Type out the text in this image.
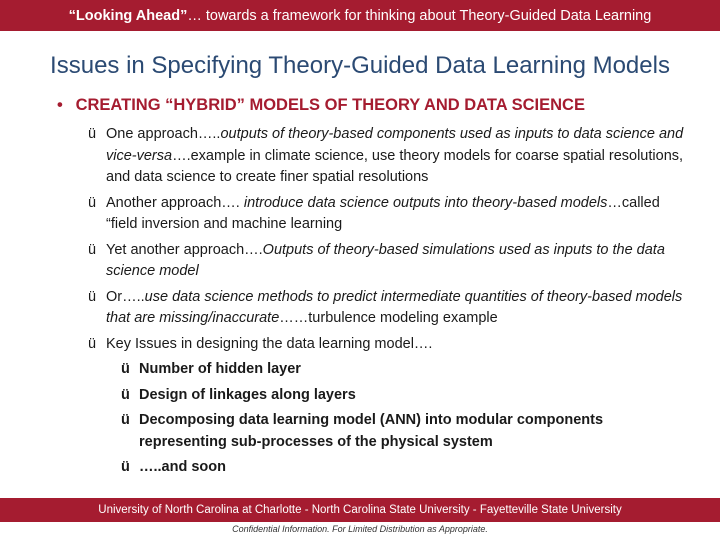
“Looking Ahead” … towards a framework for thinking about Theory-Guided Data Learning
Issues in Specifying Theory-Guided Data Learning Models
• CREATING “HYBRID” MODELS OF THEORY AND DATA SCIENCE
ü One approach…..outputs of theory-based components used as inputs to data science and vice-versa….example in climate science, use theory models for coarse spatial resolutions, and data science to create finer spatial resolutions
ü Another approach…. introduce data science outputs into theory-based models…called “field inversion and machine learning
ü Yet another approach….Outputs of theory-based simulations used as inputs to the data science model
ü Or…..use data science methods to predict intermediate quantities of theory-based models that are missing/inaccurate……turbulence modeling example
ü Key Issues in designing the data learning model….
ü Number of hidden layer
ü Design of linkages along layers
ü Decomposing data learning model (ANN) into modular components representing sub-processes of the physical system
ü …..and soon
University of North Carolina at Charlotte - North Carolina State University - Fayetteville State University
Confidential Information. For Limited Distribution as Appropriate.
